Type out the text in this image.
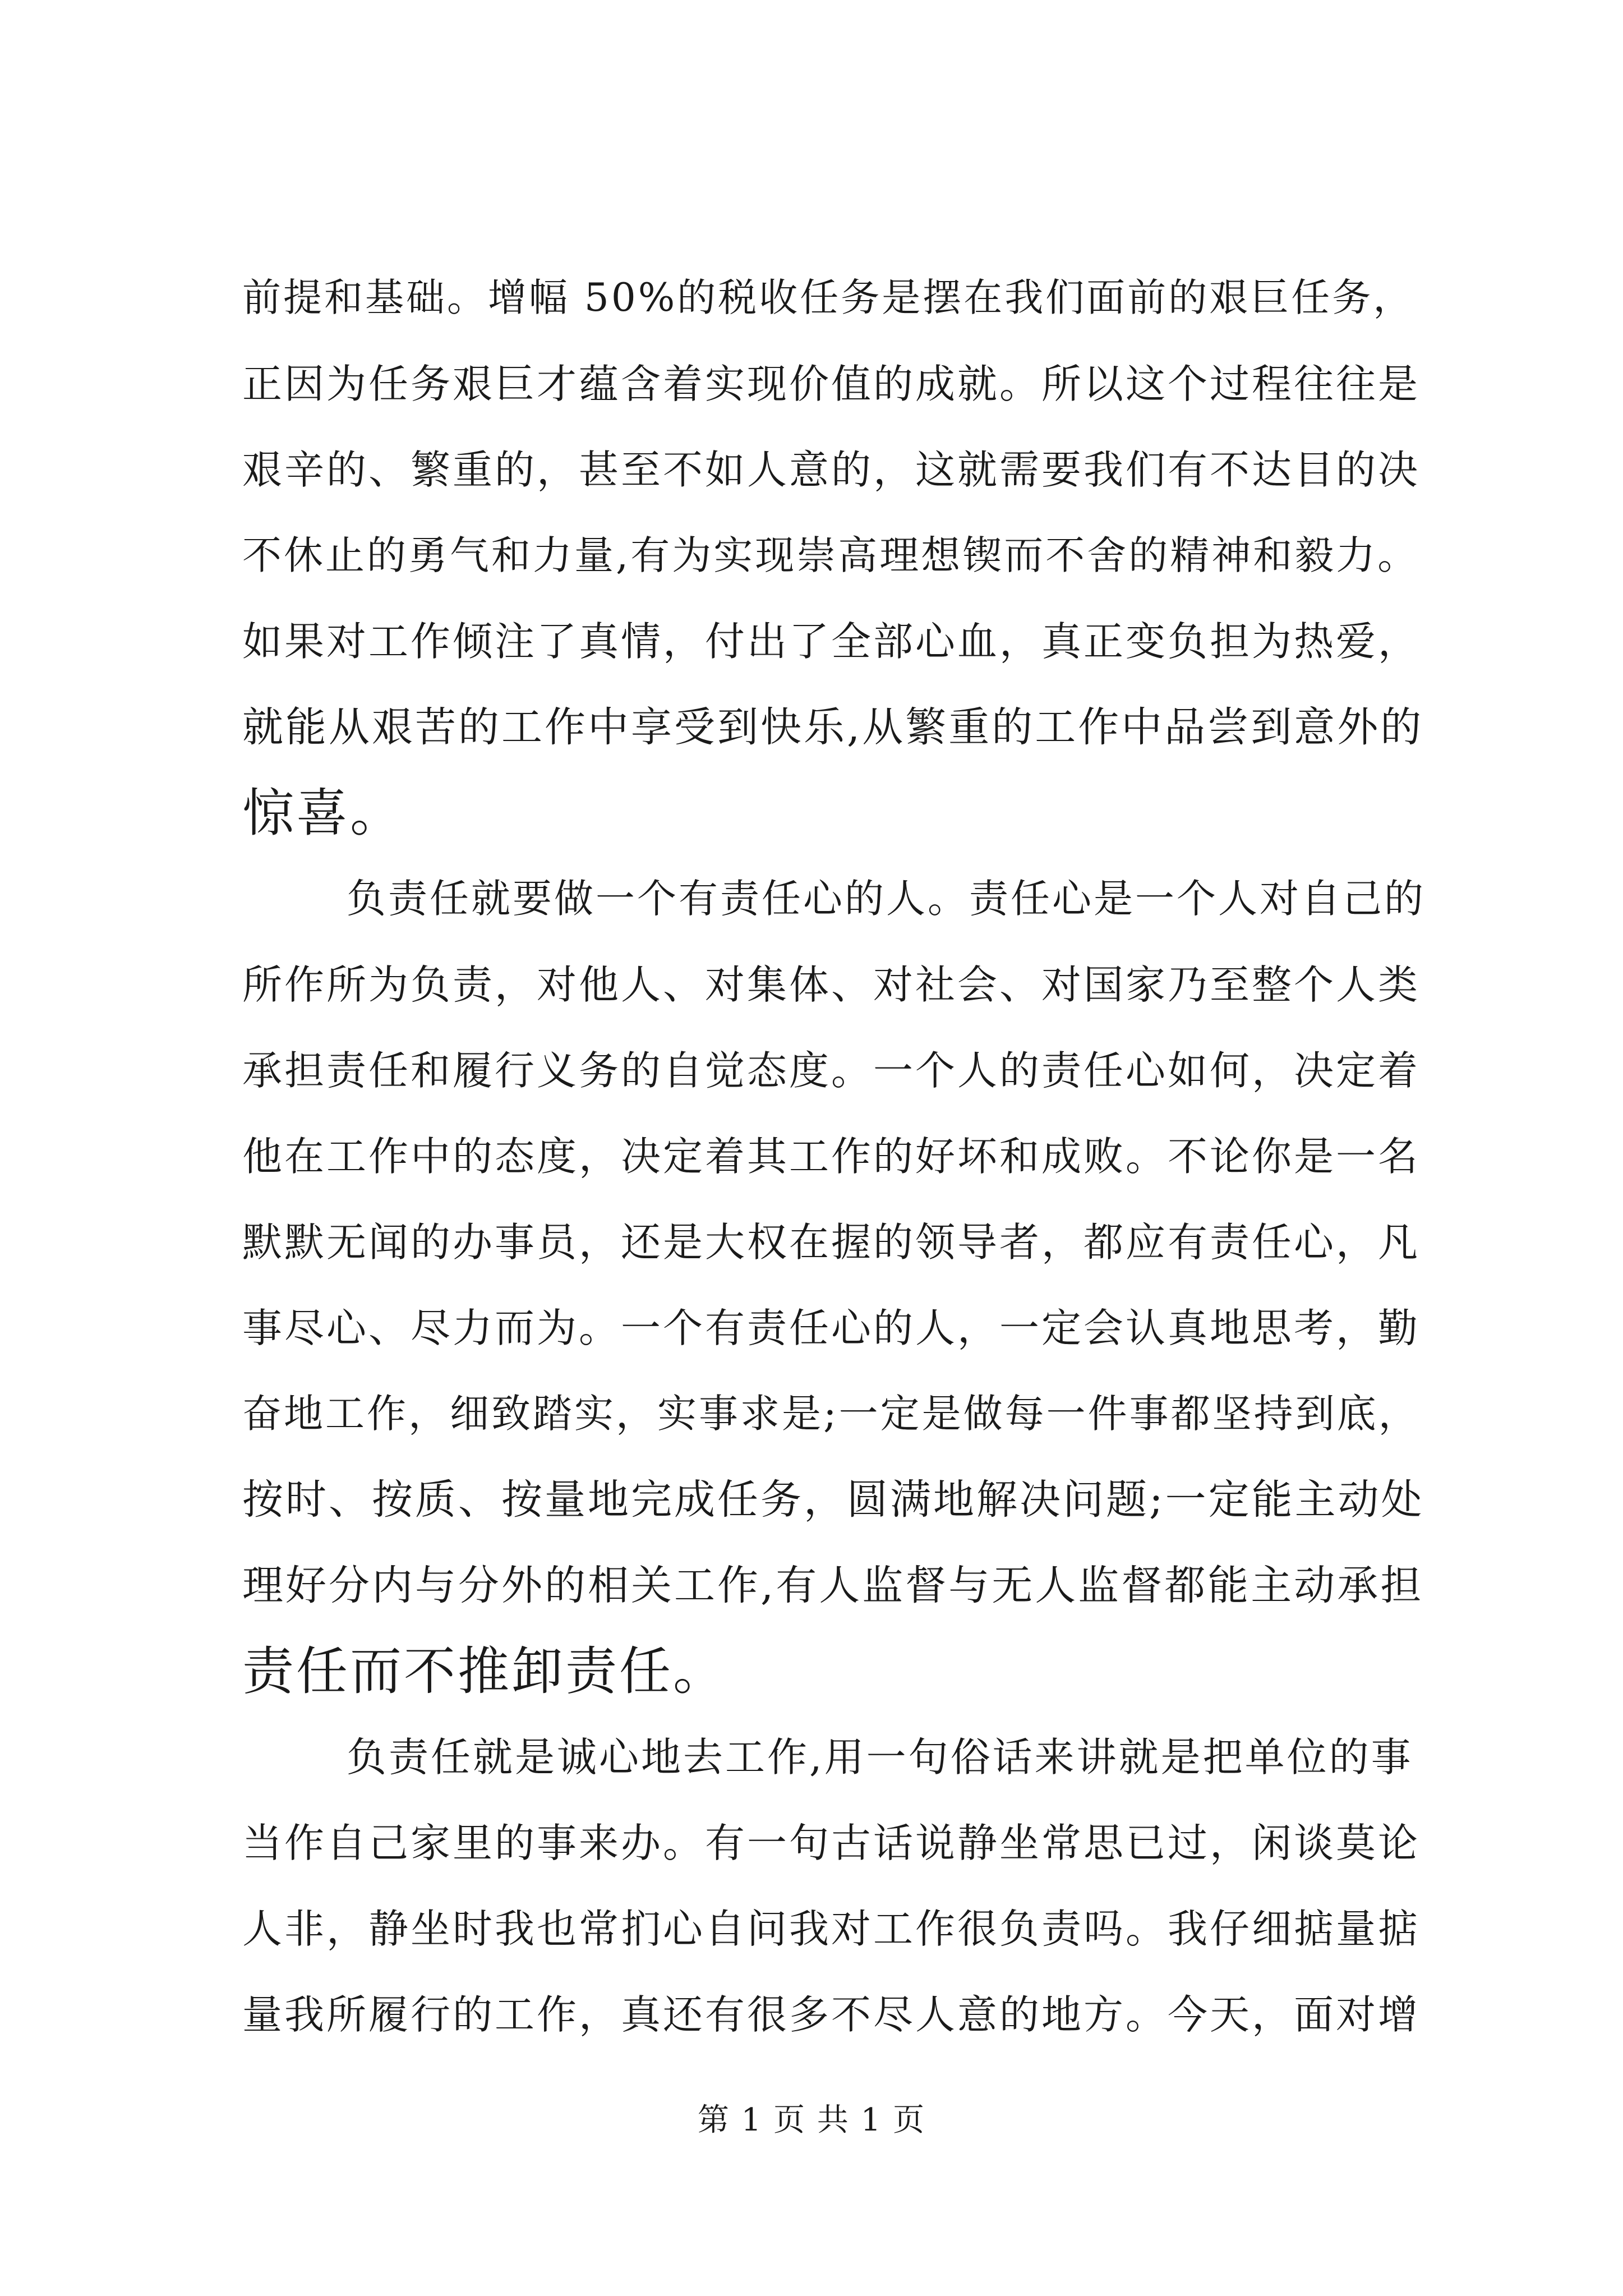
前提和基础。增幅 50%的税收任务是摆在我们面前的艰巨任务，
正因为任务艰巨才蕴含着实现价值的成就。所以这个过程往往是
艰辛的、繁重的，甚至不如人意的，这就需要我们有不达目的决
不休止的勇气和力量,有为实现崇高理想锲而不舍的精神和毅力。
如果对工作倾注了真情，付出了全部心血，真正变负担为热爱，
就能从艰苦的工作中享受到快乐,从繁重的工作中品尝到意外的
惊喜。
负责任就要做一个有责任心的人。责任心是一个人对自己的
所作所为负责，对他人、对集体、对社会、对国家乃至整个人类
承担责任和履行义务的自觉态度。一个人的责任心如何，决定着
他在工作中的态度，决定着其工作的好坏和成败。不论你是一名
默默无闻的办事员，还是大权在握的领导者，都应有责任心，凡
事尽心、尽力而为。一个有责任心的人，一定会认真地思考，勤
奋地工作，细致踏实，实事求是;一定是做每一件事都坚持到底，
按时、按质、按量地完成任务，圆满地解决问题;一定能主动处
理好分内与分外的相关工作,有人监督与无人监督都能主动承担
责任而不推卸责任。
负责任就是诚心地去工作,用一句俗话来讲就是把单位的事
当作自己家里的事来办。有一句古话说静坐常思已过，闲谈莫论
人非，静坐时我也常扪心自问我对工作很负责吗。我仔细掂量掂
量我所履行的工作，真还有很多不尽人意的地方。今天，面对增
第 1 页 共 1 页
